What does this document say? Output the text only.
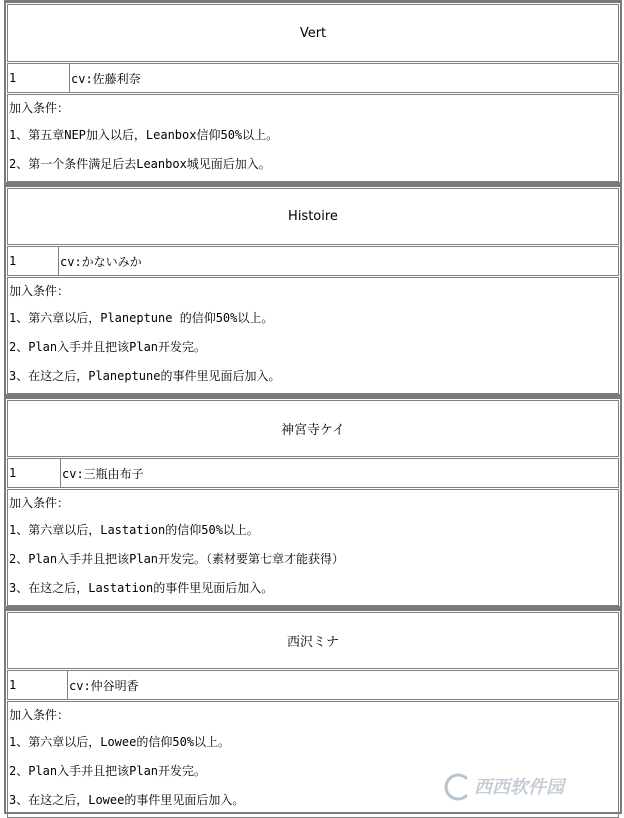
Vert
1	cv:佐藤利奈
加入条件：
1、第五章NEP加入以后，Leanbox信仰50%以上。
2、第一个条件满足后去Leanbox城见面后加入。
Histoire
1	cv:かないみか
加入条件：
1、第六章以后，Planeptune 的信仰50%以上。
2、Plan入手并且把该Plan开发完。
3、在这之后，Planeptune的事件里见面后加入。
神宮寺ケイ
1	cv:三瓶由布子
加入条件：
1、第六章以后，Lastation的信仰50%以上。
2、Plan入手并且把该Plan开发完。（素材要第七章才能获得）
3、在这之后，Lastation的事件里见面后加入。
西沢ミナ
1	cv:仲谷明香
加入条件：
1、第六章以后，Lowee的信仰50%以上。
2、Plan入手并且把该Plan开发完。
3、在这之后，Lowee的事件里见面后加入。
西西软件园
